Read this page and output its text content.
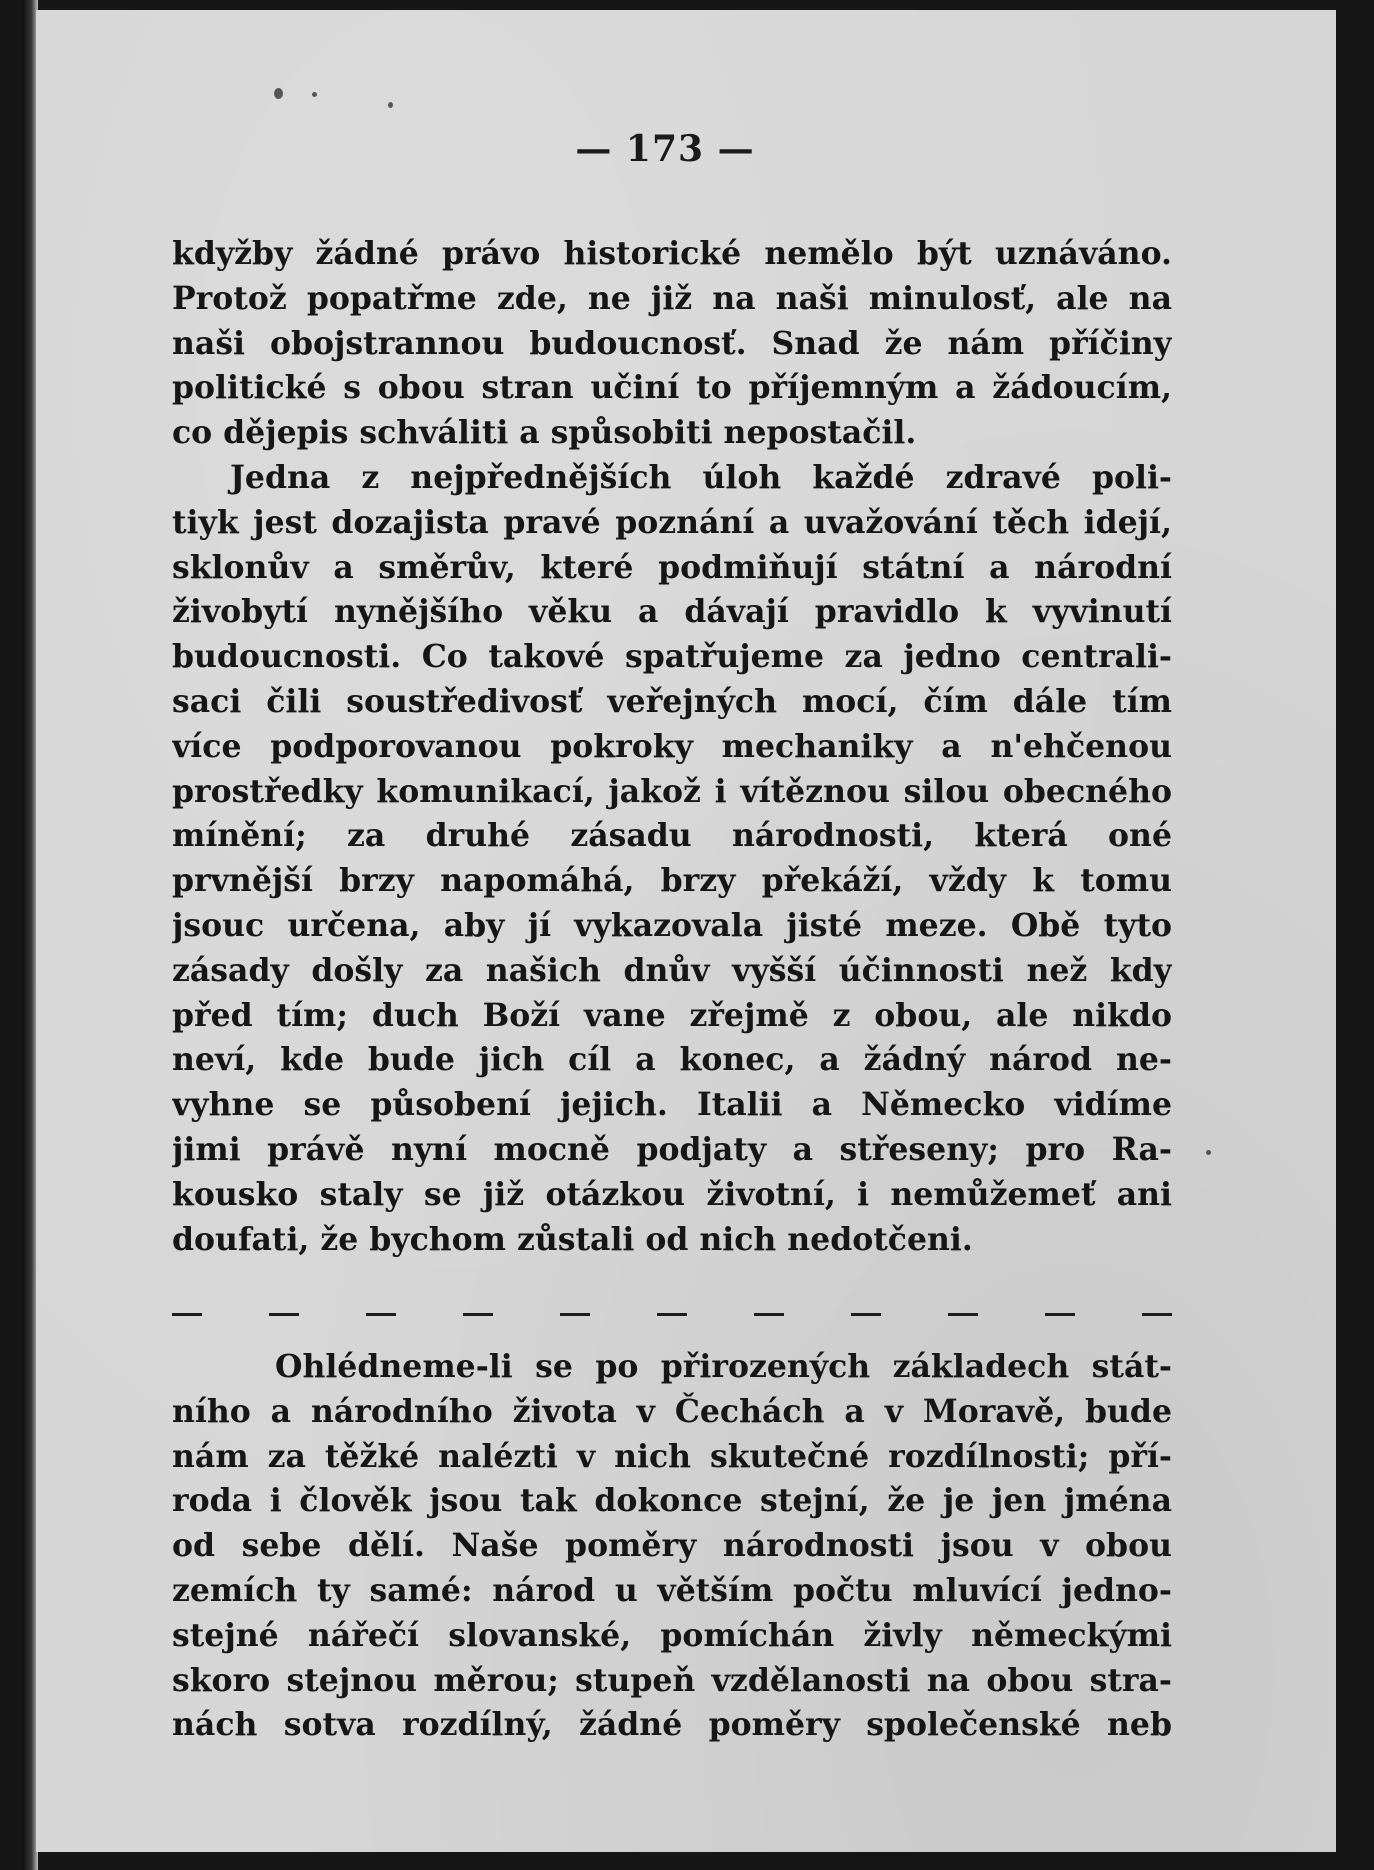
— 173 —
kdyžby žádné právo historické nemělo být uznáváno.
Protož popatřme zde, ne již na naši minulosť, ale na
naši obojstrannou budoucnosť. Snad že nám příčiny
politické s obou stran učiní to příjemným a žádoucím,
co dějepis schváliti a spůsobiti nepostačil.
Jedna z nejpřednějších úloh každé zdravé poli-
tiyk jest dozajista pravé poznání a uvažování těch idejí,
sklonův a směrův, které podmiňují státní a národní
živobytí nynějšího věku a dávají pravidlo k vyvinutí
budoucnosti. Co takové spatřujeme za jedno centrali-
saci čili soustředivosť veřejných mocí, čím dále tím
více podporovanou pokroky mechaniky a n'ehčenou
prostředky komunikací, jakož i vítěznou silou obecného
mínění; za druhé zásadu národnosti, která oné
prvnější brzy napomáhá, brzy překáží, vždy k tomu
jsouc určena, aby jí vykazovala jisté meze. Obě tyto
zásady došly za našich dnův vyšší účinnosti než kdy
před tím; duch Boží vane zřejmě z obou, ale nikdo
neví, kde bude jich cíl a konec, a žádný národ ne-
vyhne se působení jejich. Italii a Německo vidíme
jimi právě nyní mocně podjaty a střeseny; pro Ra-
kousko staly se již otázkou životní, i nemůžemeť ani
doufati, že bychom zůstali od nich nedotčeni.
Ohlédneme-li se po přirozených základech stát-
ního a národního života v Čechách a v Moravě, bude
nám za těžké nalézti v nich skutečné rozdílnosti; pří-
roda i člověk jsou tak dokonce stejní, že je jen jména
od sebe dělí. Naše poměry národnosti jsou v obou
zemích ty samé: národ u větším počtu mluvící jedno-
stejné nářečí slovanské, pomíchán živly německými
skoro stejnou měrou; stupeň vzdělanosti na obou stra-
nách sotva rozdílný, žádné poměry společenské neb
